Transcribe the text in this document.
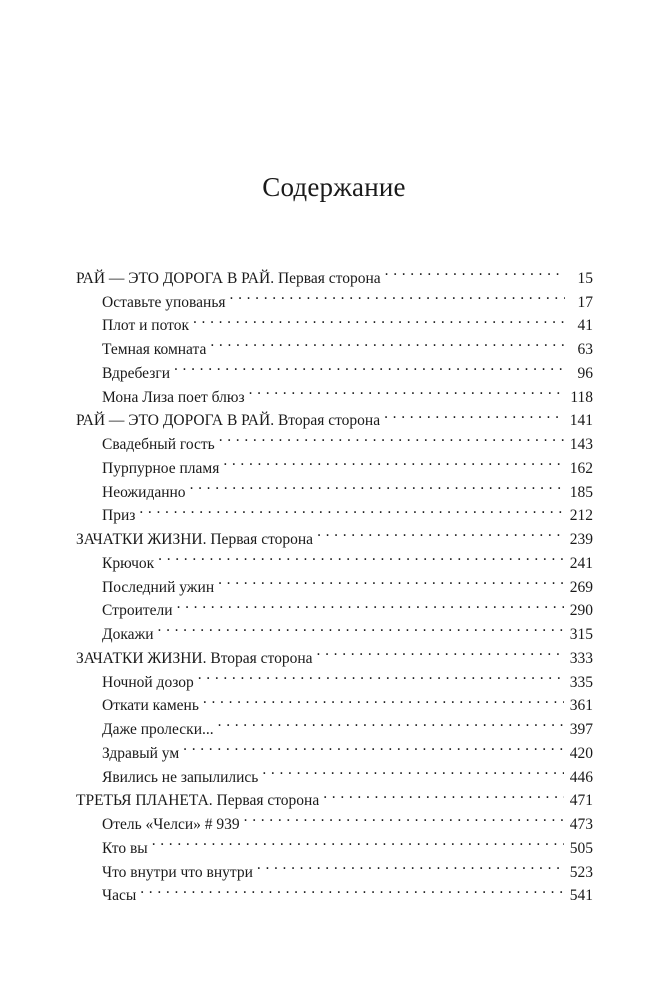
Содержание
РАЙ — ЭТО ДОРОГА В РАЙ. Первая сторона . . .	15
Оставьте упованья . . .	17
Плот и поток . . .	41
Темная комната . . .	63
Вдребезги . . .	96
Мона Лиза поет блюз . . .	118
РАЙ — ЭТО ДОРОГА В РАЙ. Вторая сторона . . .	141
Свадебный гость . . .	143
Пурпурное пламя . . .	162
Неожиданно . . .	185
Приз . . .	212
ЗАЧАТКИ ЖИЗНИ. Первая сторона . . .	239
Крючок . . .	241
Последний ужин . . .	269
Строители . . .	290
Докажи . . .	315
ЗАЧАТКИ ЖИЗНИ. Вторая сторона . . .	333
Ночной дозор . . .	335
Откати камень . . .	361
Даже пролески... . . .	397
Здравый ум . . .	420
Явились не запылились . . .	446
ТРЕТЬЯ ПЛАНЕТА. Первая сторона . . .	471
Отель «Челси» # 939 . . .	473
Кто вы . . .	505
Что внутри что внутри . . .	523
Часы . . .	541
